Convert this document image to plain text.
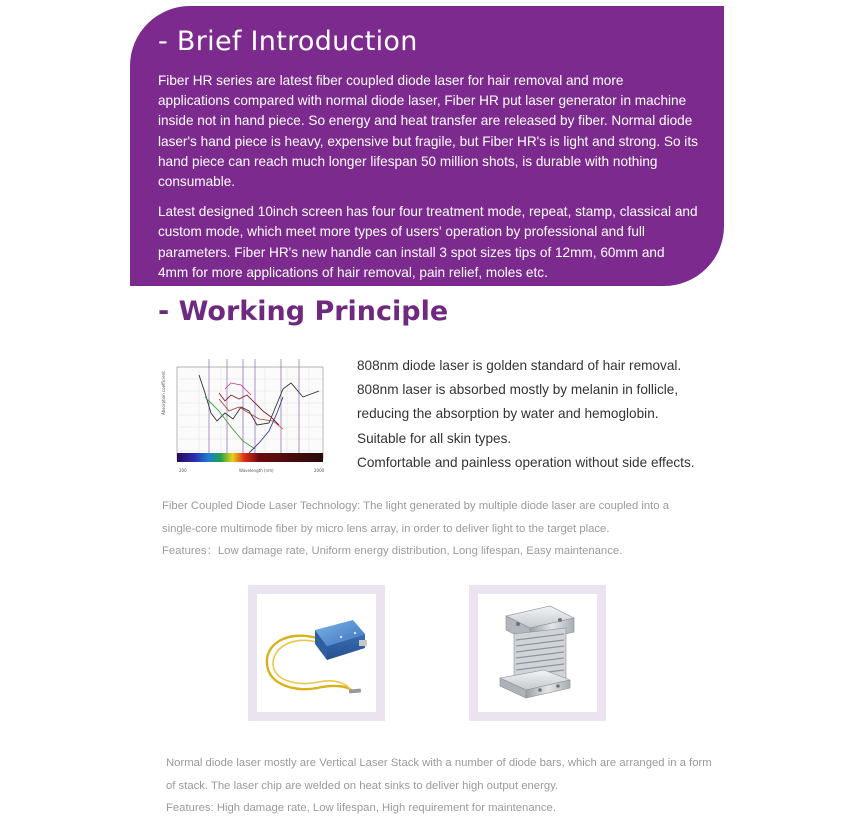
- Brief Introduction

Fiber HR series are latest fiber coupled diode laser for hair removal and more applications compared with normal diode laser, Fiber HR put laser generator in machine inside not in hand piece. So energy and heat transfer are released by fiber. Normal diode laser's hand piece is heavy, expensive but fragile, but Fiber HR's is light and strong. So its hand piece can reach much longer lifespan 50 million shots, is durable with nothing consumable.

Latest designed 10inch screen has four four treatment mode, repeat, stamp, classical and custom mode, which meet more types of users' operation by professional and full parameters. Fiber HR's new handle can install 3 spot sizes tips of 12mm, 60mm and 4mm for more applications of hair removal, pain relief, moles etc.

- Working Principle
200	Wavelength (nm)	2000
Absorption coefficient
808nm diode laser is golden standard of hair removal.
808nm laser is absorbed mostly by melanin in follicle,
reducing the absorption by water and hemoglobin.
Suitable for all skin types.
Comfortable and painless operation without side effects.
Fiber Coupled Diode Laser Technology: The light generated by multiple diode laser are coupled into a
single-core multimode fiber by micro lens array, in order to deliver light to the target place.
Features：Low damage rate, Uniform energy distribution, Long lifespan, Easy maintenance.
Normal diode laser mostly are Vertical Laser Stack with a number of diode bars, which are arranged in a form
of stack. The laser chip are welded on heat sinks to deliver high output energy.
Features: High damage rate, Low lifespan, High requirement for maintenance.
